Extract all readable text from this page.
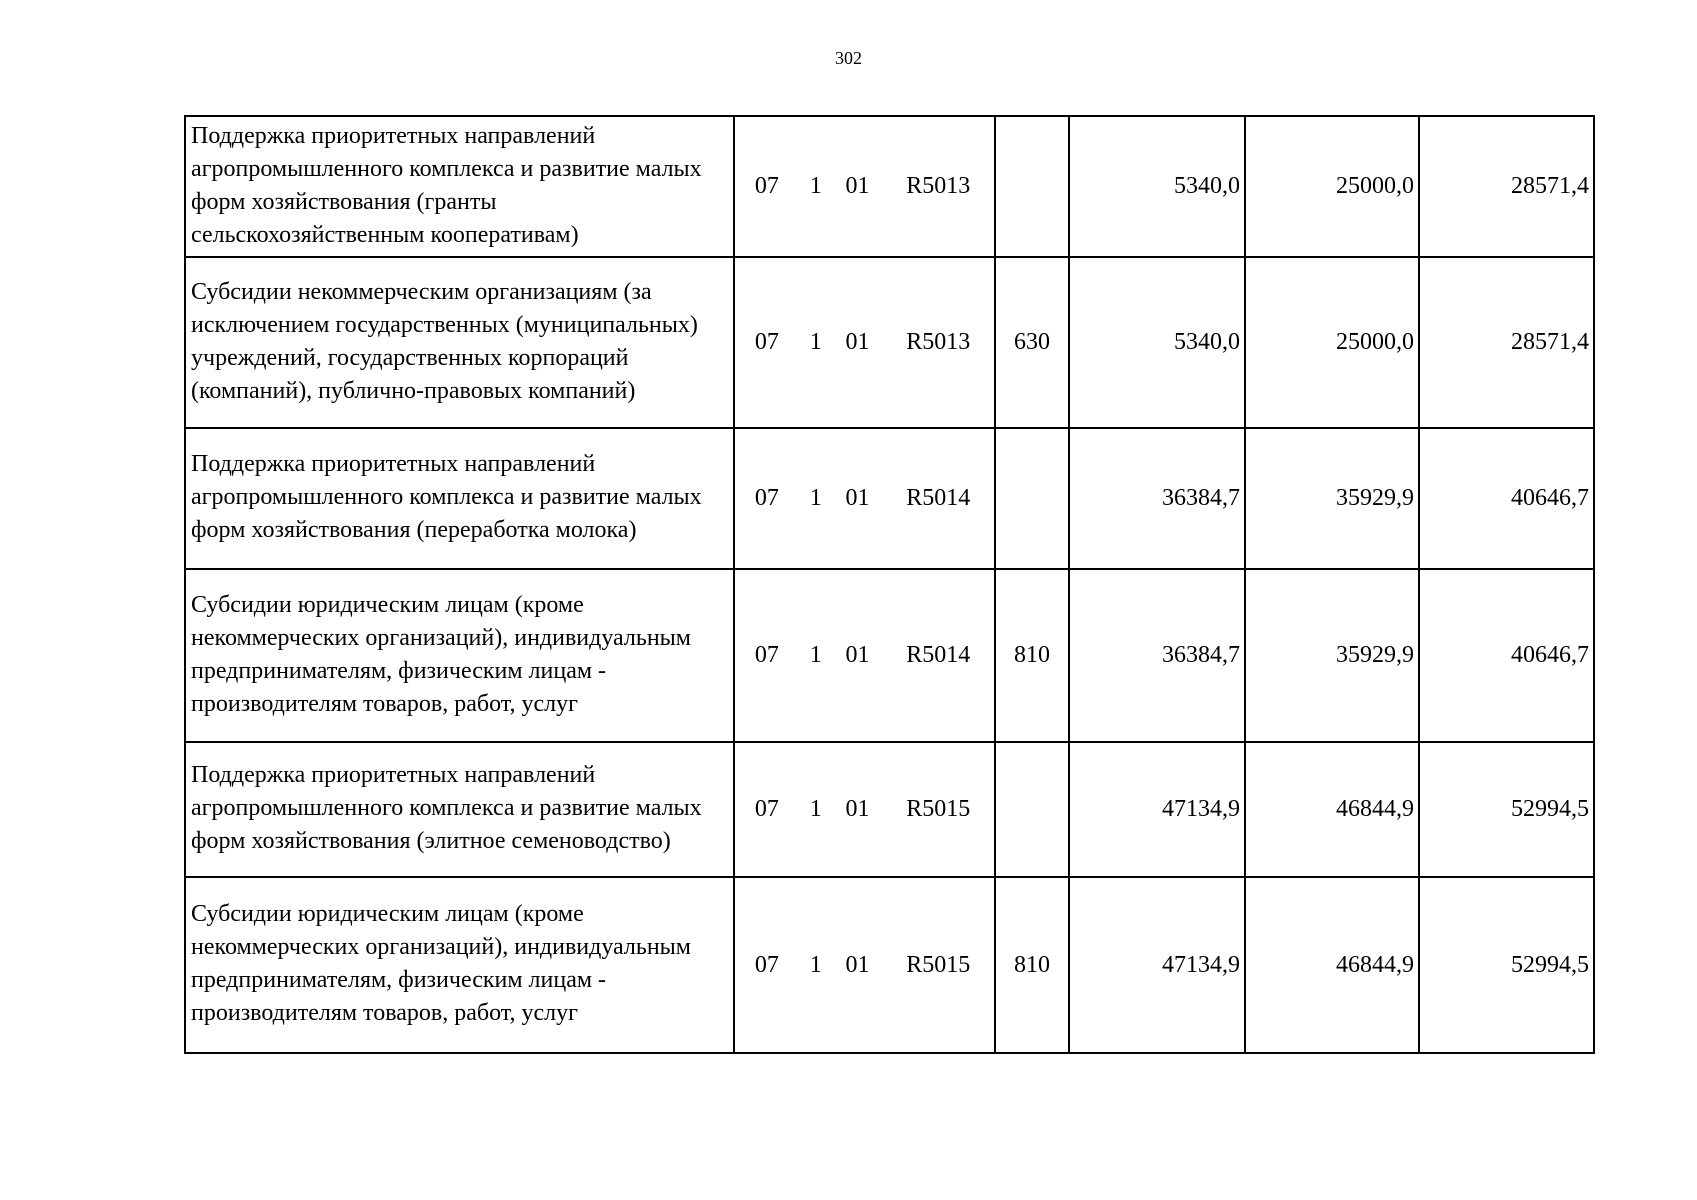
302
Поддержка приоритетных направлений агропромышленного комплекса и развитие малых форм хозяйствования (гранты сельскохозяйственным кооперативам)	07 1 01 R5013		5340,0	25000,0	28571,4
Субсидии некоммерческим организациям (за исключением государственных (муниципальных) учреждений, государственных корпораций (компаний), публично-правовых компаний)	07 1 01 R5013	630	5340,0	25000,0	28571,4
Поддержка приоритетных направлений агропромышленного комплекса и развитие малых форм хозяйствования (переработка молока)	07 1 01 R5014		36384,7	35929,9	40646,7
Субсидии юридическим лицам (кроме некоммерческих организаций), индивидуальным предпринимателям, физическим лицам - производителям товаров, работ, услуг	07 1 01 R5014	810	36384,7	35929,9	40646,7
Поддержка приоритетных направлений агропромышленного комплекса и развитие малых форм хозяйствования (элитное семеноводство)	07 1 01 R5015		47134,9	46844,9	52994,5
Субсидии юридическим лицам (кроме некоммерческих организаций), индивидуальным предпринимателям, физическим лицам - производителям товаров, работ, услуг	07 1 01 R5015	810	47134,9	46844,9	52994,5
